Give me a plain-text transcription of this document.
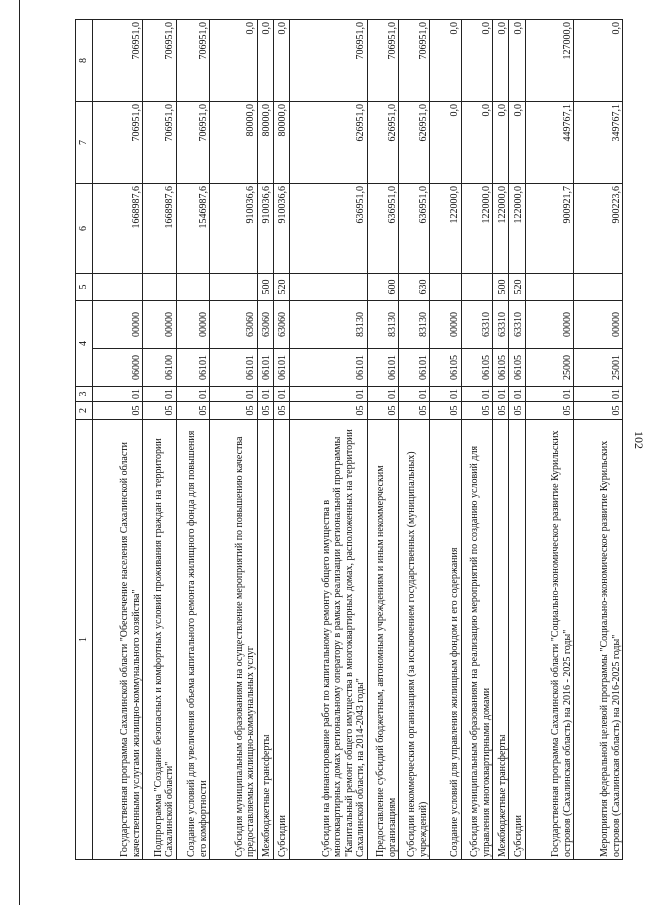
102
1	2	3	4		5	6	7	8
Государственная программа Сахалинской области "Обеспечение населения Сахалинской области качественными услугами жилищно-коммунального хозяйства"	05	01	06000	00000		1668987,6	706951,0	706951,0
Подпрограмма "Создание безопасных и комфортных условий проживания граждан на территории Сахалинской области"	05	01	06100	00000		1668987,6	706951,0	706951,0
Создание условий для увеличения объема капитального ремонта жилищного фонда для повышения его комфортности	05	01	06101	00000		1546987,6	706951,0	706951,0
Субсидия муниципальным образованиям на осуществление мероприятий по повышению качества предоставляемых жилищно-коммунальных услуг	05	01	06101	63060		910036,6	80000,0	0,0
Межбюджетные трансферты	05	01	06101	63060	500	910036,6	80000,0	0,0
Субсидии	05	01	06101	63060	520	910036,6	80000,0	0,0
Субсидии на финансирование работ по капитальному ремонту общего имущества в многоквартирных домах региональному оператору в рамках реализации региональной программы "Капитальный ремонт общего имущества в многоквартирных домах, расположенных на территории Сахалинской области, на 2014-2043 годы"	05	01	06101	83130		636951,0	626951,0	706951,0
Предоставление субсидий бюджетным, автономным учреждениям и иным некоммерческим организациям	05	01	06101	83130	600	636951,0	626951,0	706951,0
Субсидии некоммерческим организациям (за исключением государственных (муниципальных) учреждений)	05	01	06101	83130	630	636951,0	626951,0	706951,0
Создание условий для управления жилищным фондом и его содержания	05	01	06105	00000		122000,0	0,0	0,0
Субсидия муниципальным образованиям на реализацию мероприятий по созданию условий для управления многоквартирными домами	05	01	06105	63310		122000,0	0,0	0,0
Межбюджетные трансферты	05	01	06105	63310	500	122000,0	0,0	0,0
Субсидии	05	01	06105	63310	520	122000,0	0,0	0,0
Государственная программа Сахалинской области "Социально-экономическое развитие Курильских островов (Сахалинская область) на 2016 - 2025 годы"	05	01	25000	00000		900921,7	449767,1	127000,0
Мероприятия федеральной целевой программы "Социально-экономическое развитие Курильских островов (Сахалинская область) на 2016-2025 годы"	05	01	25001	00000		900223,6	349767,1	0,0
